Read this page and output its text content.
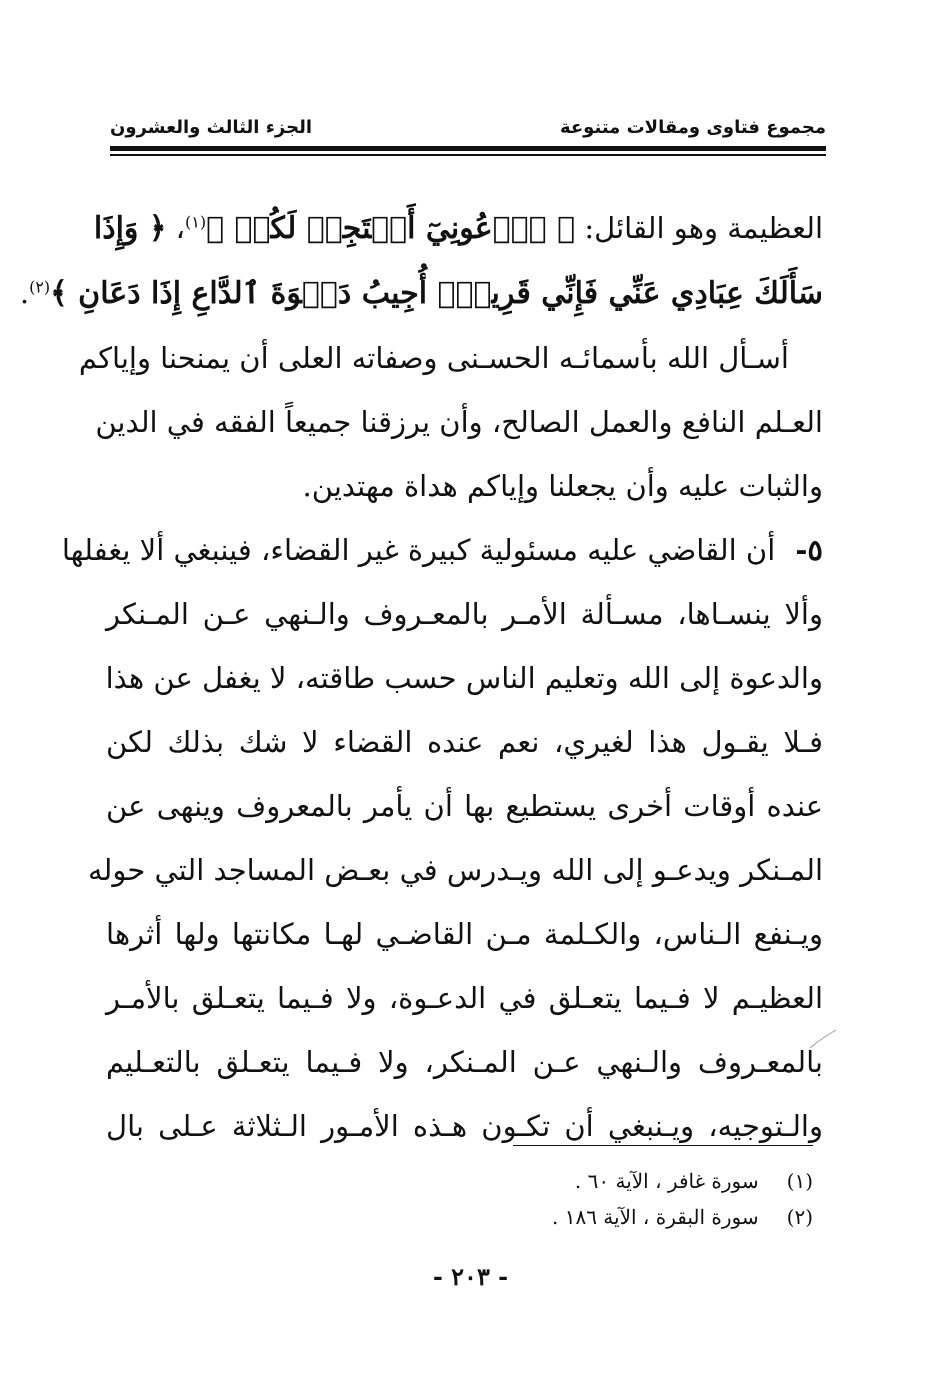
مجموع فتاوى ومقالات متنوعة
الجزء الثالث والعشرون
العظيمة وهو القائل: ﴿ ٱدۡعُونِيٓ أَسۡتَجِبۡ لَكُمۡ ﴾$^{(١)}$، ﴿ وَإِذَا
سَأَلَكَ عِبَادِي عَنِّي فَإِنِّي قَرِيبٌۖ أُجِيبُ دَعۡوَةَ ٱلدَّاعِ إِذَا دَعَانِ ﴾$^{(٢)}$.
أسـأل الله بأسمائـه الحسـنى وصفاته العلى أن يمنحنا وإياكم
العـلم النافع والعمل الصالح، وأن يرزقنا جميعاً الفقه في الدين
والثبات عليه وأن يجعلنا وإياكم هداة مهتدين.
٥- أن القاضي عليه مسئولية كبيرة غير القضاء، فينبغي ألا يغفلها
وألا ينسـاها، مسـألة الأمـر بالمعـروف والـنهي عـن المـنكر
والدعوة إلى الله وتعليم الناس حسب طاقته، لا يغفل عن هذا
فـلا يقـول هذا لغيري، نعم عنده القضاء لا شك بذلك لكن
عنده أوقات أخرى يستطيع بها أن يأمر بالمعروف وينهى عن
المـنكر ويدعـو إلى الله ويـدرس في بعـض المساجد التي حوله
ويـنفع الـناس، والكـلمة مـن القاضـي لهـا مكانتها ولها أثرها
العظيـم لا فـيما يتعـلق في الدعـوة، ولا فـيما يتعـلق بالأمـر
بالمعـروف والـنهي عـن المـنكر، ولا فـيما يتعـلق بالتعـليم
والـتوجيه، ويـنبغي أن تكـون هـذه الأمـور الـثلاثة عـلى بال
(١) سورة غافر ، الآية ٦٠ .
(٢) سورة البقرة ، الآية ١٨٦ .
- ٢٠٣ -
